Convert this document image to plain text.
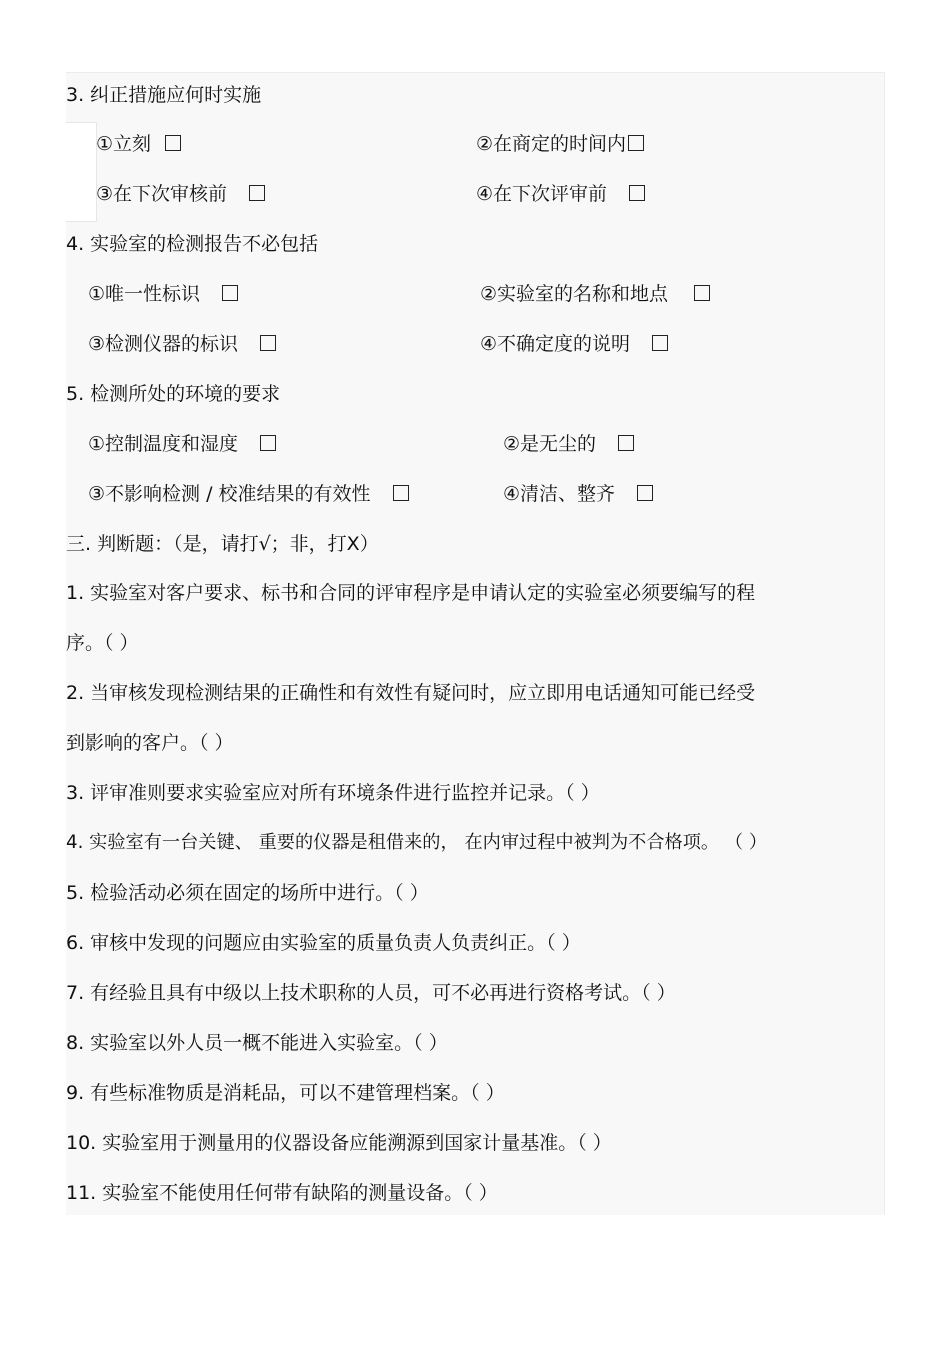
3. 纠正措施应何时实施
①立刻	②在商定的时间内
③在下次审核前	④在下次评审前
4. 实验室的检测报告不必包括
①唯一性标识	②实验室的名称和地点
③检测仪器的标识	④不确定度的说明
5. 检测所处的环境的要求
①控制温度和湿度	②是无尘的
③不影响检测 / 校准结果的有效性	④清洁、整齐
三. 判断题：（是，请打√；非，打X）
1. 实验室对客户要求、标书和合同的评审程序是申请认定的实验室必须要编写的程
序。（ ）
2. 当审核发现检测结果的正确性和有效性有疑问时，应立即用电话通知可能已经受
到影响的客户。（ ）
3. 评审准则要求实验室应对所有环境条件进行监控并记录。（ ）
4. 实验室有一台关键、 重要的仪器是租借来的， 在内审过程中被判为不合格项。 （ ）
5. 检验活动必须在固定的场所中进行。（ ）
6. 审核中发现的问题应由实验室的质量负责人负责纠正。（ ）
7. 有经验且具有中级以上技术职称的人员，可不必再进行资格考试。（ ）
8. 实验室以外人员一概不能进入实验室。（ ）
9. 有些标准物质是消耗品，可以不建管理档案。（ ）
10. 实验室用于测量用的仪器设备应能溯源到国家计量基准。（ ）
11. 实验室不能使用任何带有缺陷的测量设备。（ ）
